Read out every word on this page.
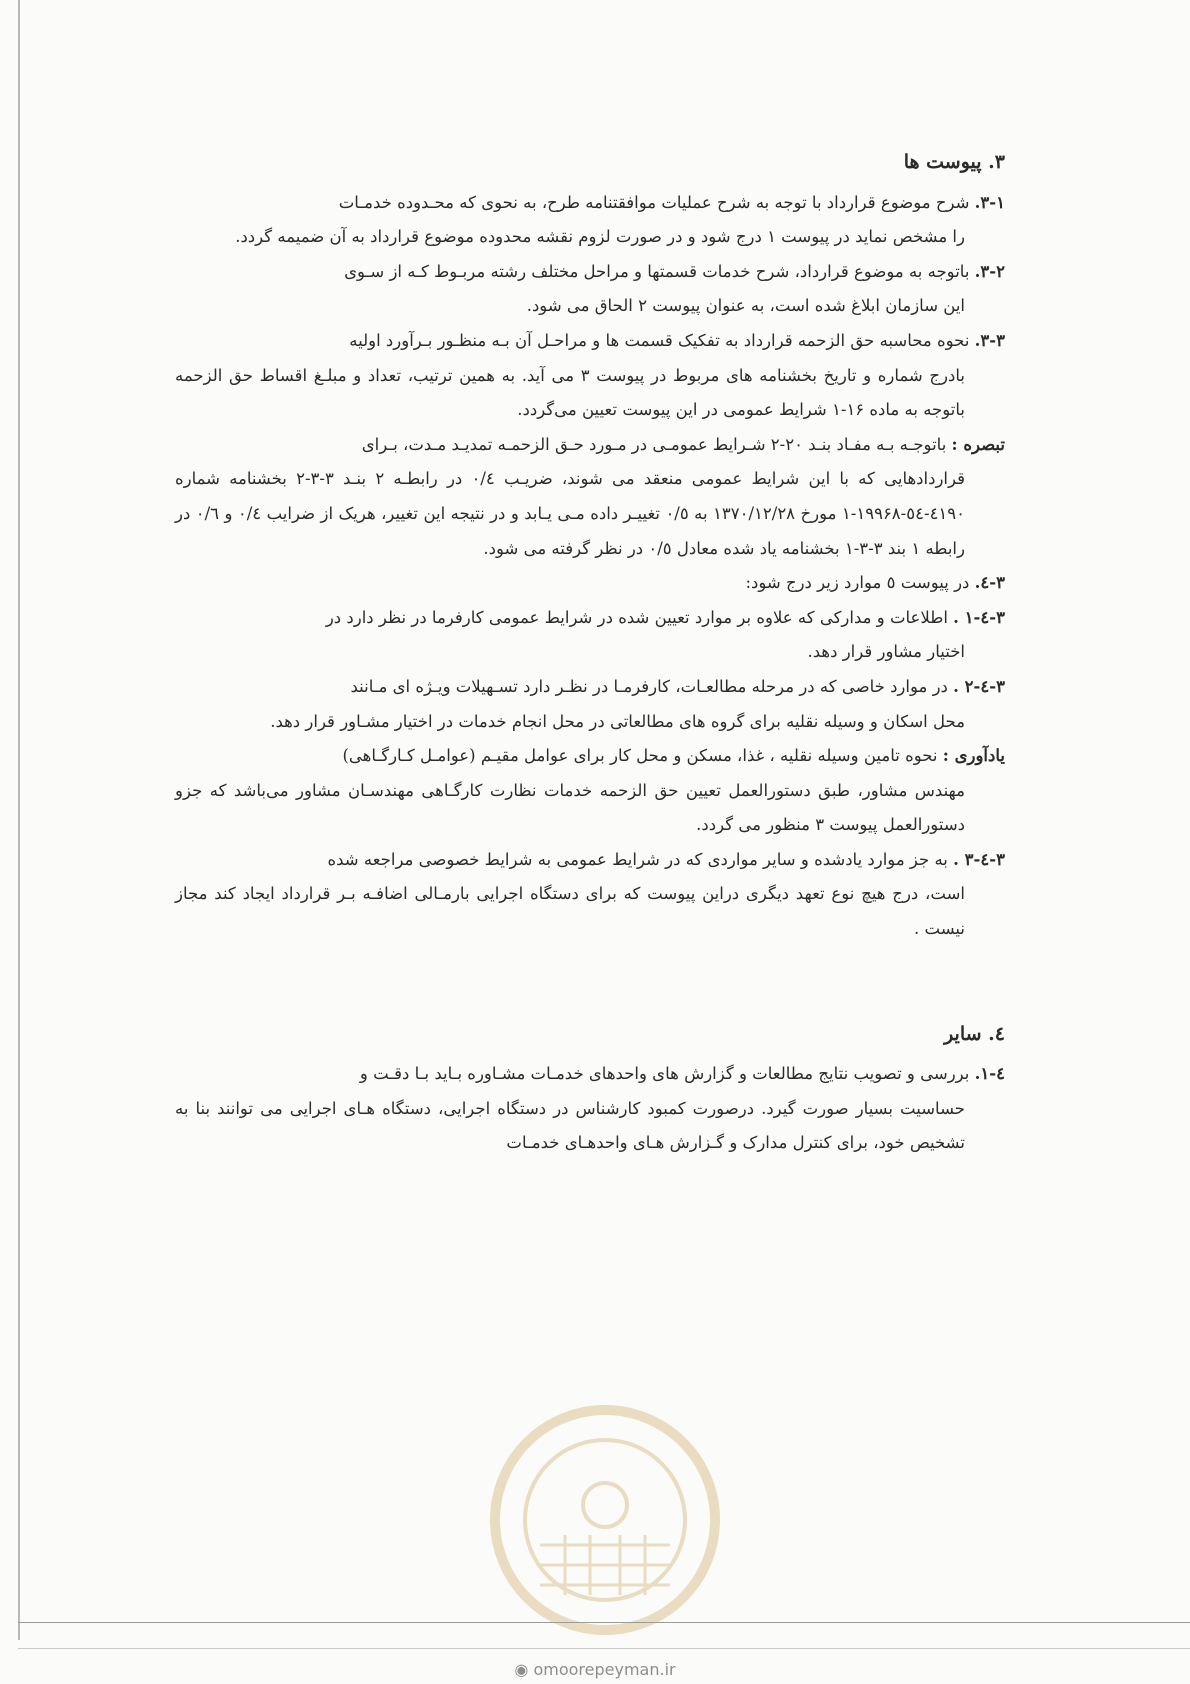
۳. پیوست ها

۳-۱. شرح موضوع قرارداد با توجه به شرح عملیات موافقتنامه طرح، به نحوی که محـدوده خدمـات
را مشخص نماید در پیوست ۱ درج شود و در صورت لزوم نقشه محدوده موضوع قرارداد به آن ضمیمه گردد.

۳-۲. باتوجه به موضوع قرارداد، شرح خدمات قسمتها و مراحل مختلف رشته مربـوط کـه از سـوی
این سازمان ابلاغ شده است، به عنوان پیوست ۲ الحاق می شود.

۳-۳. نحوه محاسبه حق الزحمه قرارداد به تفکیک قسمت ها و مراحـل آن بـه منظـور بـرآورد اولیه
بادرج شماره و تاریخ بخشنامه های مربوط در پیوست ۳ می آید. به همین ترتیب، تعداد و مبلـغ اقساط حق الزحمه باتوجه به ماده ۱۶-۱ شرایط عمومی در این پیوست تعیین می‌گردد.

تبصره : باتوجـه بـه مفـاد بنـد ۲۰-۲ شـرایط عمومـی در مـورد حـق الزحمـه تمدیـد مـدت، بـرای
قراردادهایی که با این شرایط عمومی منعقد می شوند، ضریـب ۰/٤ در رابطـه ۲ بنـد ۳-۳-۲ بخشنامه شماره ٤۱۹۰-٥٤-۱۹۹۶۸-۱ مورخ ۱۳۷۰/۱۲/۲۸ به ۰/٥ تغییـر داده مـی یـابد و در نتیجه این تغییر، هریک از ضرایب ۰/٤ و ۰/٦ در رابطه ۱ بند ۳-۳-۱ بخشنامه یاد شده معادل ۰/٥ در نظر گرفته می شود.

۳-٤. در پیوست ٥ موارد زیر درج شود:

۳-٤-۱ . اطلاعات و مدارکی که علاوه بر موارد تعیین شده در شرایط عمومی کارفرما در نظر دارد در
اختیار مشاور قرار دهد.

۳-٤-۲ . در موارد خاصی که در مرحله مطالعـات، کارفرمـا در نظـر دارد تسـهیلات ویـژه ای مـانند
محل اسکان و وسیله نقلیه برای گروه های مطالعاتی در محل انجام خدمات در اختیار مشـاور قرار دهد.

یادآوری : نحوه تامین وسیله نقلیه ، غذا، مسکن و محل کار برای عوامل مقیـم (عوامـل کـارگـاهی)
مهندس مشاور، طبق دستورالعمل تعیین حق الزحمه خدمات نظارت کارگـاهی مهندسـان مشاور می‌باشد که جزو دستورالعمل پیوست ۳ منظور می گردد.

۳-٤-۳ . به جز موارد یادشده و سایر مواردی که در شرایط عمومی به شرایط خصوصی مراجعه شده
است، درج هیچ نوع تعهد دیگری دراین پیوست که برای دستگاه اجرایی بارمـالی اضافـه بـر قرارداد ایجاد کند مجاز نیست .

٤. سایر

٤-۱. بررسی و تصویب نتایج مطالعات و گزارش های واحدهای خدمـات مشـاوره بـاید بـا دقـت و
حساسیت بسیار صورت گیرد. درصورت کمبود کارشناس در دستگاه اجرایی، دستگاه هـای اجرایی می توانند بنا به تشخیص خود، برای کنترل مدارک و گـزارش هـای واحدهـای خدمـات

◉ omoorepeyman.ir
